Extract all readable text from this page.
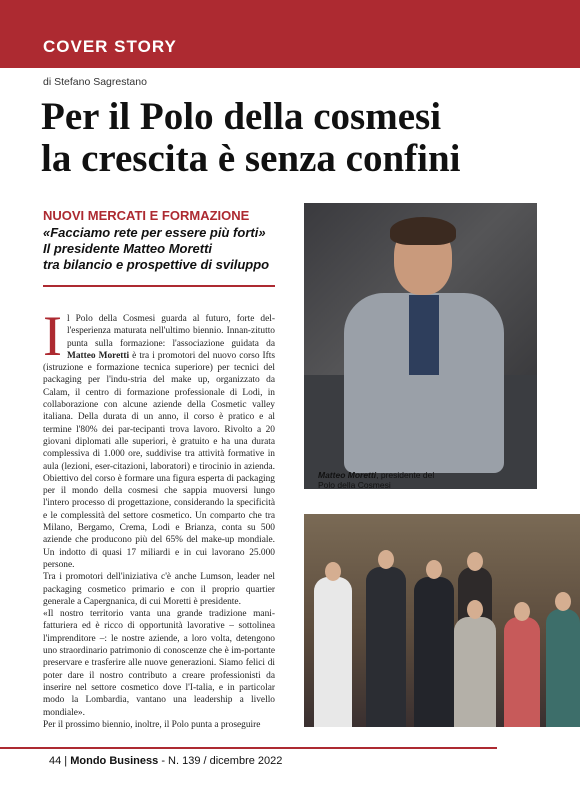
COVER STORY
di Stefano Sagrestano
Per il Polo della cosmesi
la crescita è senza confini
NUOVI MERCATI E FORMAZIONE
«Facciamo rete per essere più forti»
Il presidente Matteo Moretti
tra bilancio e prospettive di sviluppo

Il Polo della Cosmesi guarda al futuro, forte del-l'esperienza maturata nell'ultimo biennio. Innan-zitutto punta sulla formazione: l'associazione guidata da Matteo Moretti è tra i promotori del nuovo corso Ifts (istruzione e formazione tecnica superiore) per tecnici del packaging per l'indu-stria del make up, organizzato da Calam, il centro di formazione professionale di Lodi, in collaborazione con alcune aziende della Cosmetic valley italiana. Della durata di un anno, il corso è pratico e al termine l'80% dei par-tecipanti trova lavoro. Rivolto a 20 giovani diplomati alle superiori, è gratuito e ha una durata complessiva di 1.000 ore, suddivise tra attività formative in aula (lezioni, eser-citazioni, laboratori) e tirocinio in azienda. Obiettivo del corso è formare una figura esperta di packaging per il mondo della cosmesi che sappia muoversi lungo l'intero processo di progettazione, considerando la specificità e le complessità del settore cosmetico. Un comparto che tra Milano, Bergamo, Crema, Lodi e Brianza, conta su 500 aziende che producono più del 65% del make-up mondiale. Un indotto di quasi 17 miliardi e in cui lavorano 25.000 persone.

Tra i promotori dell'iniziativa c'è anche Lumson, leader nel packaging cosmetico primario e con il proprio quartier generale a Capergnanica, di cui Moretti è presidente.

«Il nostro territorio vanta una grande tradizione mani-fatturiera ed è ricco di opportunità lavorative – sottolinea l'imprenditore –: le nostre aziende, a loro volta, detengono uno straordinario patrimonio di conoscenze che è im-portante preservare e trasferire alle nuove generazioni. Siamo felici di poter dare il nostro contributo a creare professionisti da inserire nel settore cosmetico dove l'I-talia, e in particolar modo la Lombardia, vantano una leadership a livello mondiale».

Per il prossimo biennio, inoltre, il Polo punta a proseguire

Matteo Moretti, presidente del Polo della Cosmesi
44 | Mondo Business - N. 139 / dicembre 2022
